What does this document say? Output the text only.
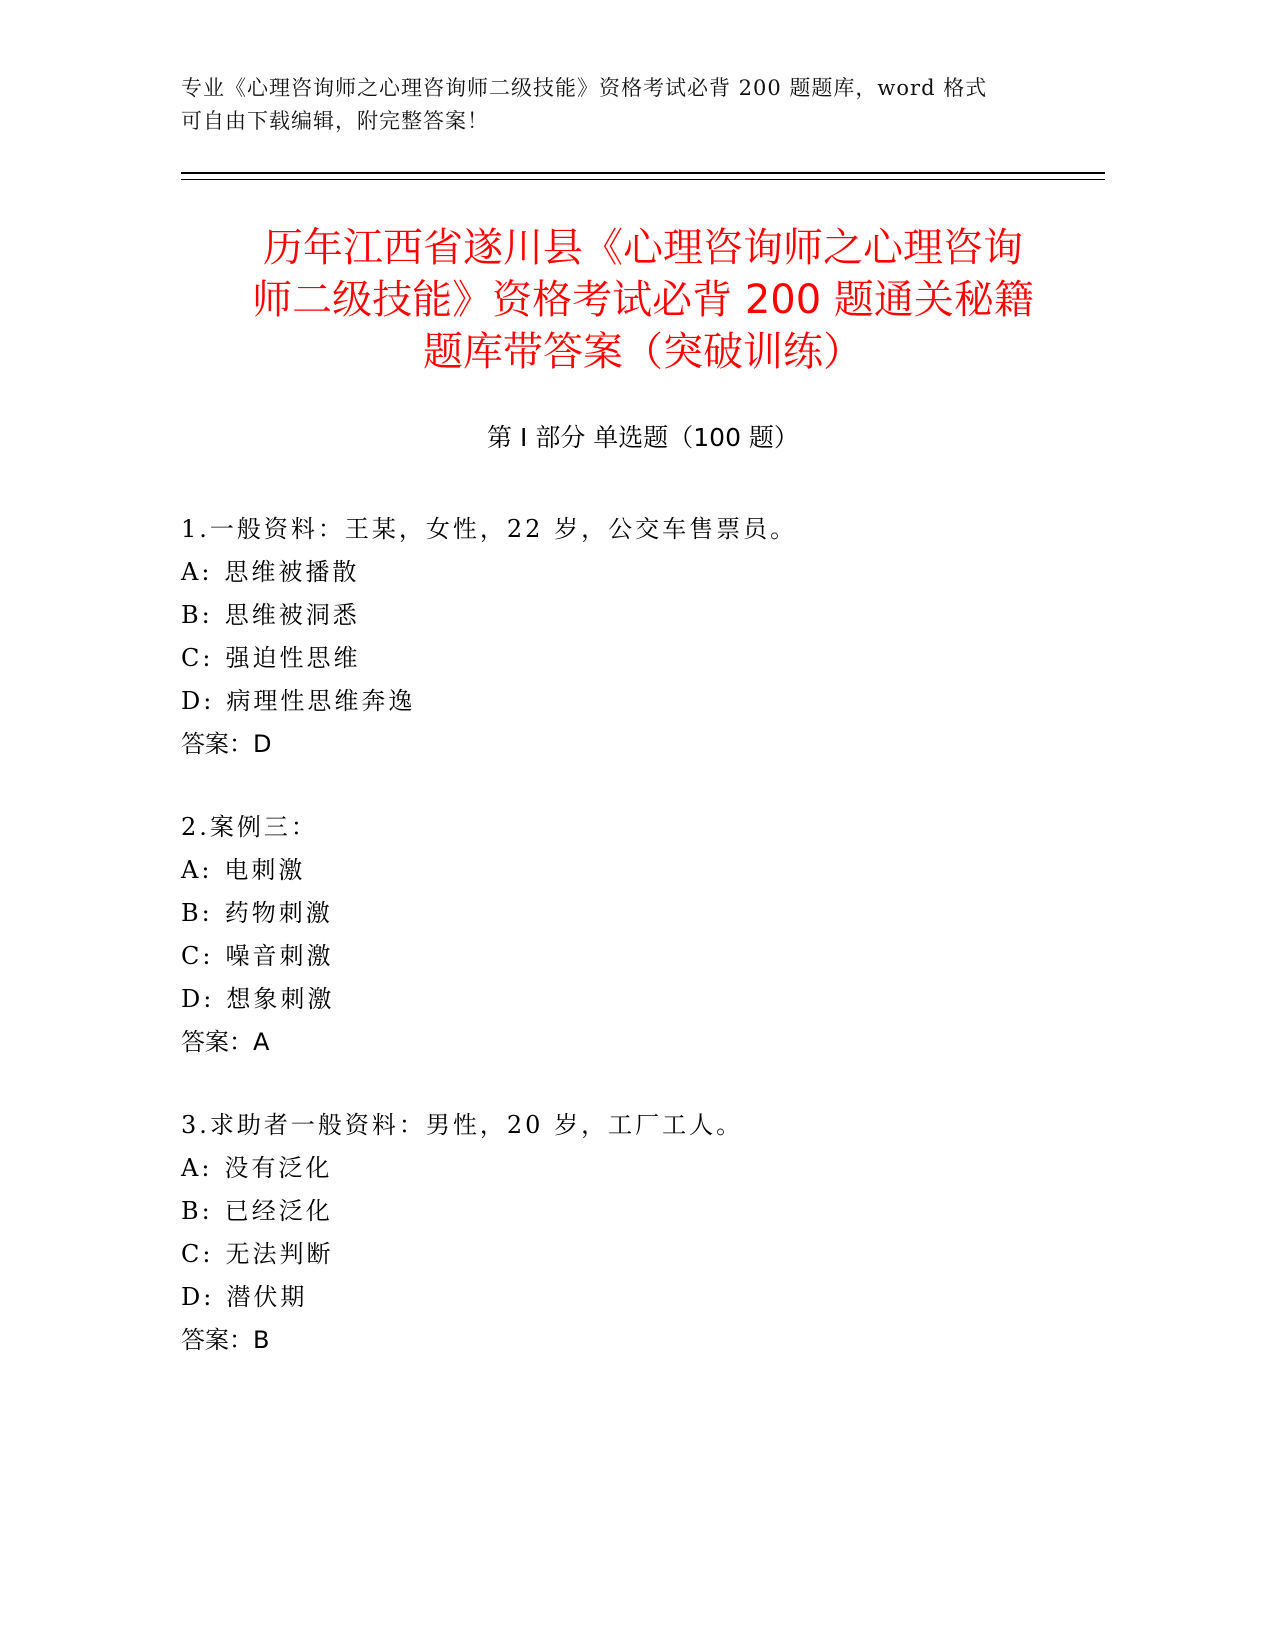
专业《心理咨询师之心理咨询师二级技能》资格考试必背 200 题题库，word 格式

可自由下载编辑，附完整答案！

历年江西省遂川县《心理咨询师之心理咨询
师二级技能》资格考试必背 200 题通关秘籍
题库带答案（突破训练）
第 I 部分 单选题（100 题）
1.一般资料：王某，女性，22 岁，公交车售票员。
A: 思维被播散
B: 思维被洞悉
C: 强迫性思维
D: 病理性思维奔逸
答案：D
2.案例三：
A: 电刺激
B: 药物刺激
C: 噪音刺激
D: 想象刺激
答案：A
3.求助者一般资料：男性，20 岁，工厂工人。
A: 没有泛化
B: 已经泛化
C: 无法判断
D: 潜伏期
答案：B
